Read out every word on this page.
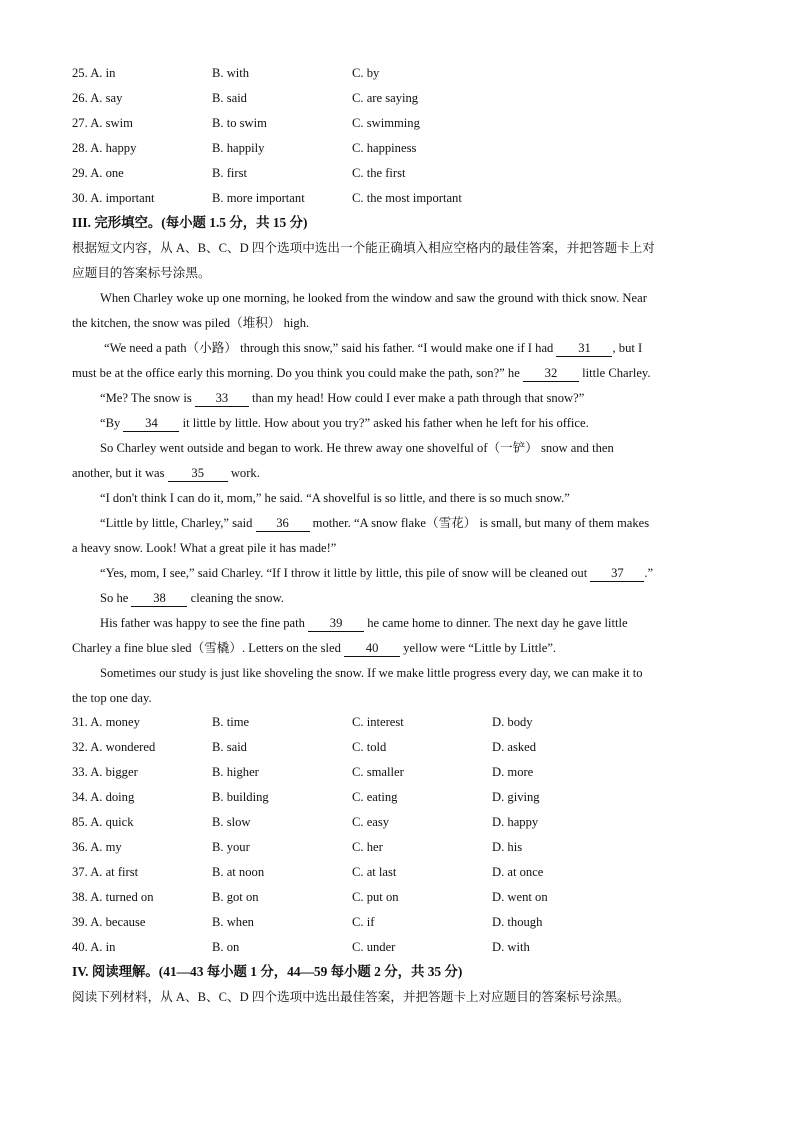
25. A. in	B. with	C. by
26. A. say	B. said	C. are saying
27. A. swim	B. to swim	C. swimming
28. A. happy	B. happily	C. happiness
29. A. one	B. first	C. the first
30. A. important	B. more important	C. the most important
III. 完形填空。(每小题 1.5 分，共 15 分)
根据短文内容，从 A、B、C、D 四个选项中选出一个能正确填入相应空格内的最佳答案，并把答题卡上对
应题目的答案标号涂黑。
When Charley woke up one morning, he looked from the window and saw the ground with thick snow. Near
the kitchen, the snow was piled（堆积） high.
“We need a path（小路） through this snow,” said his father. “I would make one if I had 31 , but I
must be at the office early this morning. Do you think you could make the path, son?” he 32 little Charley.
“Me? The snow is 33 than my head! How could I ever make a path through that snow?”
“By 34 it little by little. How about you try?” asked his father when he left for his office.
So Charley went outside and began to work. He threw away one shovelful of（一铲） snow and then
another, but it was 35 work.
“I don't think I can do it, mom,” he said. “A shovelful is so little, and there is so much snow.”
“Little by little, Charley,” said 36 mother. “A snow flake（雪花） is small, but many of them makes
a heavy snow. Look! What a great pile it has made!”
“Yes, mom, I see,” said Charley. “If I throw it little by little, this pile of snow will be cleaned out 37 .”
So he 38 cleaning the snow.
His father was happy to see the fine path 39 he came home to dinner. The next day he gave little
Charley a fine blue sled（雪橇）. Letters on the sled 40 yellow were “Little by Little”.
Sometimes our study is just like shoveling the snow. If we make little progress every day, we can make it to
the top one day.
31. A. money	B. time	C. interest	D. body
32. A. wondered	B. said	C. told	D. asked
33. A. bigger	B. higher	C. smaller	D. more
34. A. doing	B. building	C. eating	D. giving
85. A. quick	B. slow	C. easy	D. happy
36. A. my	B. your	C. her	D. his
37. A. at first	B. at noon	C. at last	D. at once
38. A. turned on	B. got on	C. put on	D. went on
39. A. because	B. when	C. if	D. though
40. A. in	B. on	C. under	D. with
IV. 阅读理解。(41—43 每小题 1 分，44—59 每小题 2 分，共 35 分)
阅读下列材料，从 A、B、C、D 四个选项中选出最佳答案，并把答题卡上对应题目的答案标号涂黑。
